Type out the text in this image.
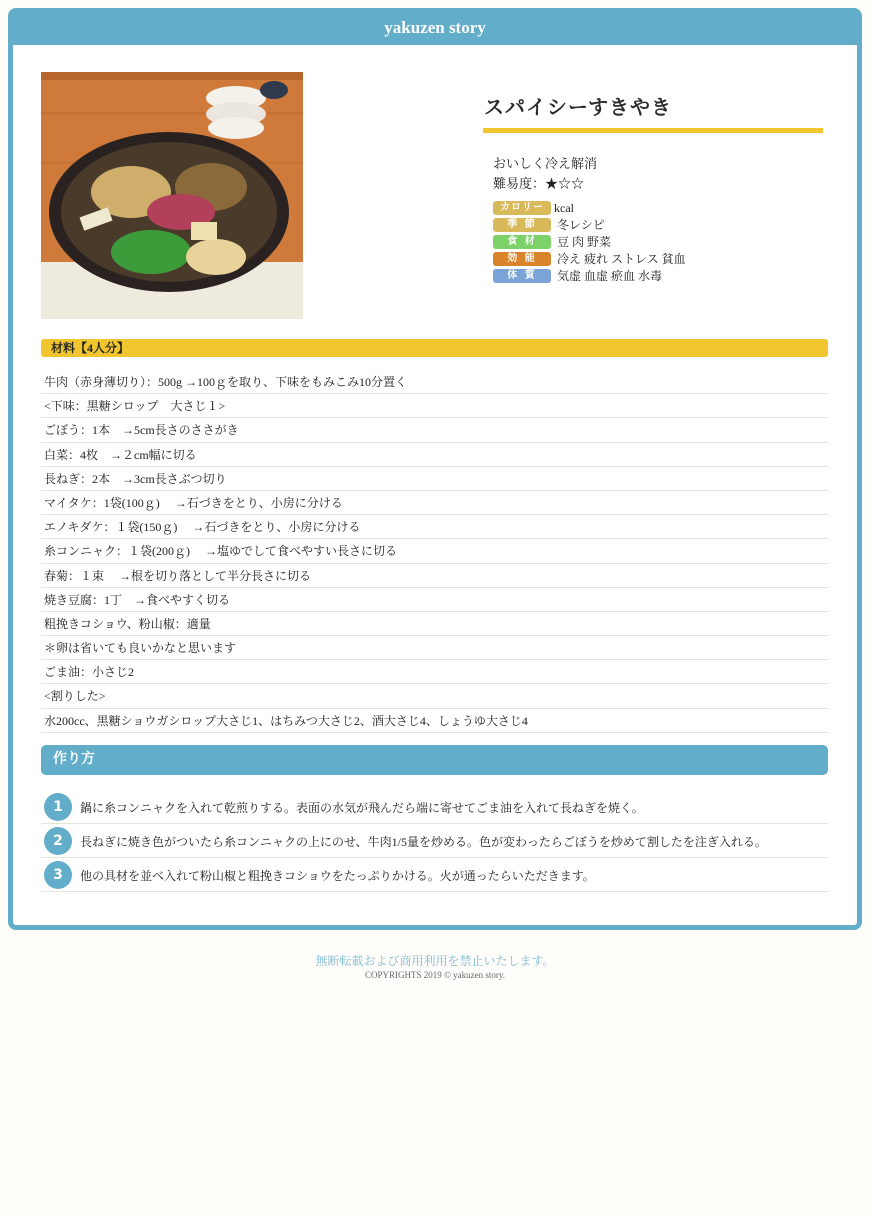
yakuzen story
スパイシーすきやき
おいしく冷え解消
難易度：★☆☆
カロリー kcal
季 節 冬レシピ
食 材 豆 肉 野菜
効 能 冷え 疲れ ストレス 貧血
体 質 気虚 血虚 瘀血 水毒
材料【4人分】
牛肉（赤身薄切り）：500g →100ｇを取り、下味をもみこみ10分置く
<下味：黒糖シロップ　大さじ１>
ごぼう：1本　→5cm長さのささがき
白菜：4枚　→２cm幅に切る
長ねぎ：2本　→3cm長さぶつ切り
マイタケ：1袋(100ｇ)　 →石づきをとり、小房に分ける
エノキダケ：１袋(150ｇ)　 →石づきをとり、小房に分ける
糸コンニャク：１袋(200ｇ)　 →塩ゆでして食べやすい長さに切る
春菊：１束　 →根を切り落として半分長さに切る
焼き豆腐：1丁　→食べやすく切る
粗挽きコショウ、粉山椒：適量
＊卵は省いても良いかなと思います
ごま油：小さじ2
<割りした>
水200cc、黒糖ショウガシロップ大さじ1、はちみつ大さじ2、酒大さじ4、しょうゆ大さじ4
作り方
1	鍋に糸コンニャクを入れて乾煎りする。表面の水気が飛んだら端に寄せてごま油を入れて長ねぎを焼く。
2	長ねぎに焼き色がついたら糸コンニャクの上にのせ、牛肉1/5量を炒める。色が変わったらごぼうを炒めて割したを注ぎ入れる。
3	他の具材を並べ入れて粉山椒と粗挽きコショウをたっぷりかける。火が通ったらいただきます。
無断転載および商用利用を禁止いたします。
COPYRIGHTS 2019 © yakuzen story.
